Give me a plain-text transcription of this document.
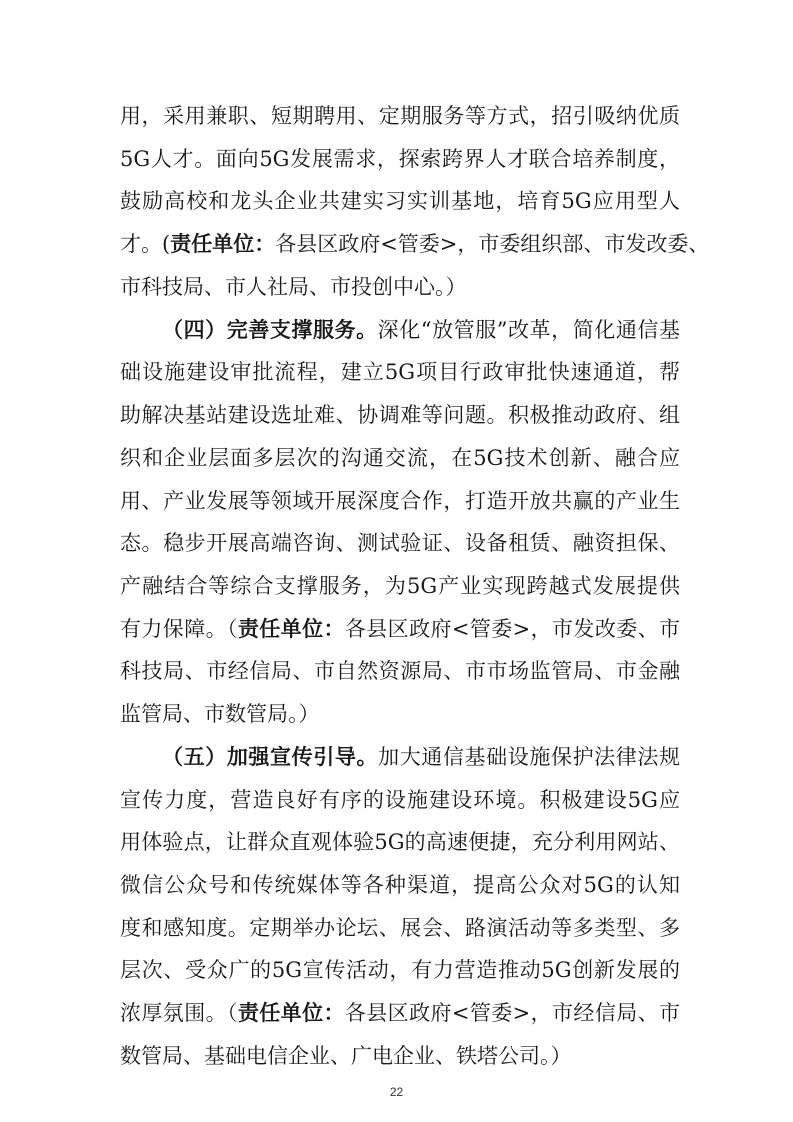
用，采用兼职、短期聘用、定期服务等方式，招引吸纳优质
5G人才。面向5G发展需求，探索跨界人才联合培养制度，
鼓励高校和龙头企业共建实习实训基地，培育5G应用型人
才。(责任单位：各县区政府<管委>，市委组织部、市发改委、
市科技局、市人社局、市投创中心。）
（四）完善支撑服务。深化“放管服”改革，简化通信基
础设施建设审批流程，建立5G项目行政审批快速通道，帮
助解决基站建设选址难、协调难等问题。积极推动政府、组
织和企业层面多层次的沟通交流，在5G技术创新、融合应
用、产业发展等领域开展深度合作，打造开放共赢的产业生
态。稳步开展高端咨询、测试验证、设备租赁、融资担保、
产融结合等综合支撑服务，为5G产业实现跨越式发展提供
有力保障。（责任单位：各县区政府<管委>，市发改委、市
科技局、市经信局、市自然资源局、市市场监管局、市金融
监管局、市数管局。）
（五）加强宣传引导。加大通信基础设施保护法律法规
宣传力度，营造良好有序的设施建设环境。积极建设5G应
用体验点，让群众直观体验5G的高速便捷，充分利用网站、
微信公众号和传统媒体等各种渠道，提高公众对5G的认知
度和感知度。定期举办论坛、展会、路演活动等多类型、多
层次、受众广的5G宣传活动，有力营造推动5G创新发展的
浓厚氛围。（责任单位：各县区政府<管委>，市经信局、市
数管局、基础电信企业、广电企业、铁塔公司。）
22
